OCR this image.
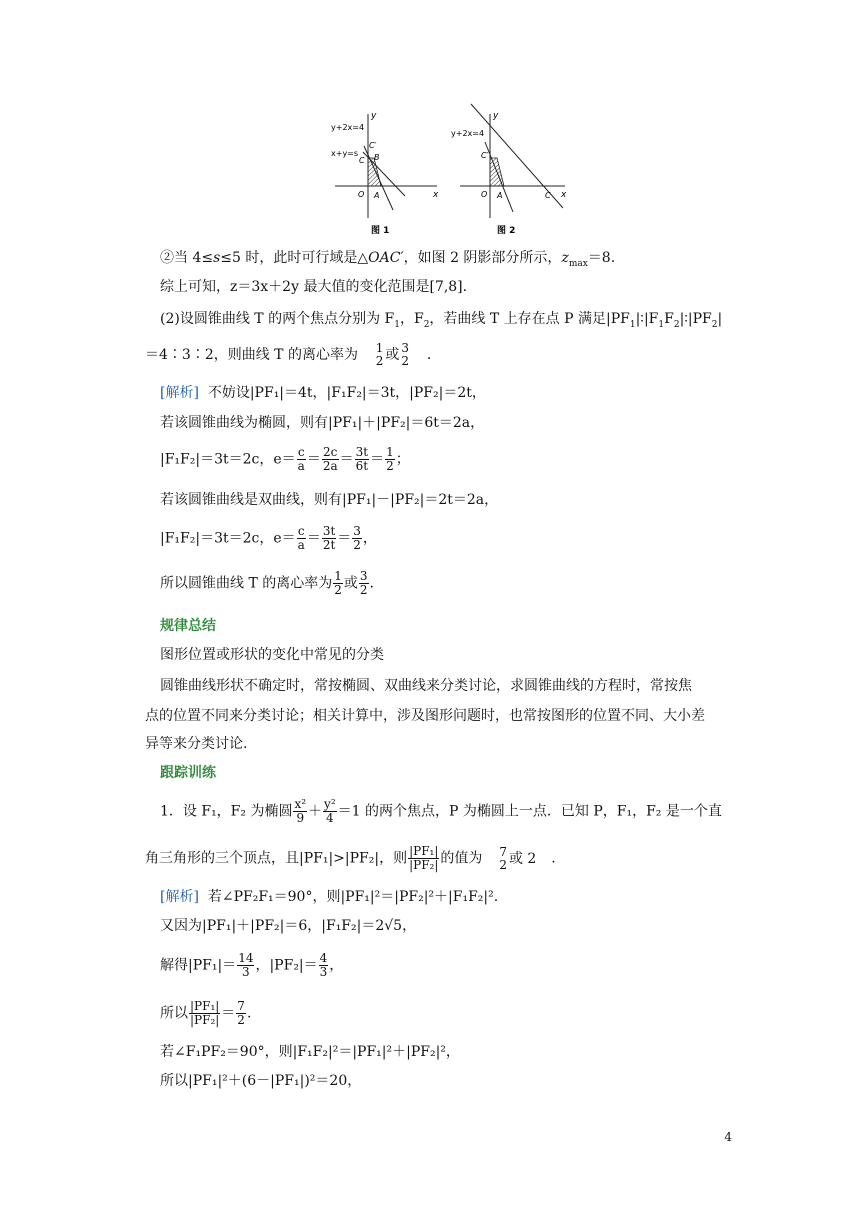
y+2x=4
x+y=s
y
x
O A
B
C
C′
图 1
y+2x=4
y
x
O A	C
C′
图 2
②当 4≤s≤5 时，此时可行域是△OAC′，如图 2 阴影部分所示，$z_{max}=8$.
综上可知，z＝3x＋2y 最大值的变化范围是[7,8].
(2)设圆锥曲线 T 的两个焦点分别为 $F_1$，$F_2$，若曲线 T 上存在点 P 满足$|PF_1|∶|F_1F_2|∶|PF_2|$
＝4∶3∶2，则曲线 T 的离心率为 1
2 或 3
2 .
[解析] 不妨设|PF₁|＝4t，|F₁F₂|＝3t，|PF₂|＝2t，
若该圆锥曲线为椭圆，则有|PF₁|＋|PF₂|＝6t＝2a，
|F₁F₂|＝3t＝2c，$e= \frac{c}{a} = \frac{2c}{2a} = \frac{3t}{6t} = \frac{1}{2}$ ；
若该圆锥曲线是双曲线，则有|PF₁|－|PF₂|＝2t＝2a，
|F₁F₂|＝3t＝2c，$e= \frac{c}{a} = \frac{3t}{2t} = \frac{3}{2}$ ，
所以圆锥曲线 T 的离心率为 $\frac{1}{2}$ 或 $\frac{3}{2}$ .
规律总结
图形位置或形状的变化中常见的分类
圆锥曲线形状不确定时，常按椭圆、双曲线来分类讨论，求圆锥曲线的方程时，常按焦
点的位置不同来分类讨论；相关计算中，涉及图形问题时，也常按图形的位置不同、大小差
异等来分类讨论.
跟踪训练
1．设 F₁，F₂ 为椭圆 $\frac{\text{x²}}{9} + \frac{\text{y²}}{4} =1$ 的两个焦点，P 为椭圆上一点．已知 P，F₁，F₂ 是一个直
角三角形的三个顶点，且|PF₁|>|PF₂|，则 $\frac{\text{|PF₁|}}{\text{|PF₂|}}$ 的值为 7
2 或 2 .
[解析] 若∠PF₂F₁＝90°，则|PF₁|²＝|PF₂|²＋|F₁F₂|².
又因为|PF₁|＋|PF₂|＝6，|F₁F₂|＝2√5，
解得$|PF_1|= \frac{14}{3}$ ，$|PF_2|= \frac{4}{3}$ ，
所以 $\frac{\text{|PF₁|}}{\text{|PF₂|}} = \frac{7}{2}$ .
若∠F₁PF₂＝90°，则|F₁F₂|²＝|PF₁|²＋|PF₂|²，
所以|PF₁|²＋(6－|PF₁|)²＝20，
4
